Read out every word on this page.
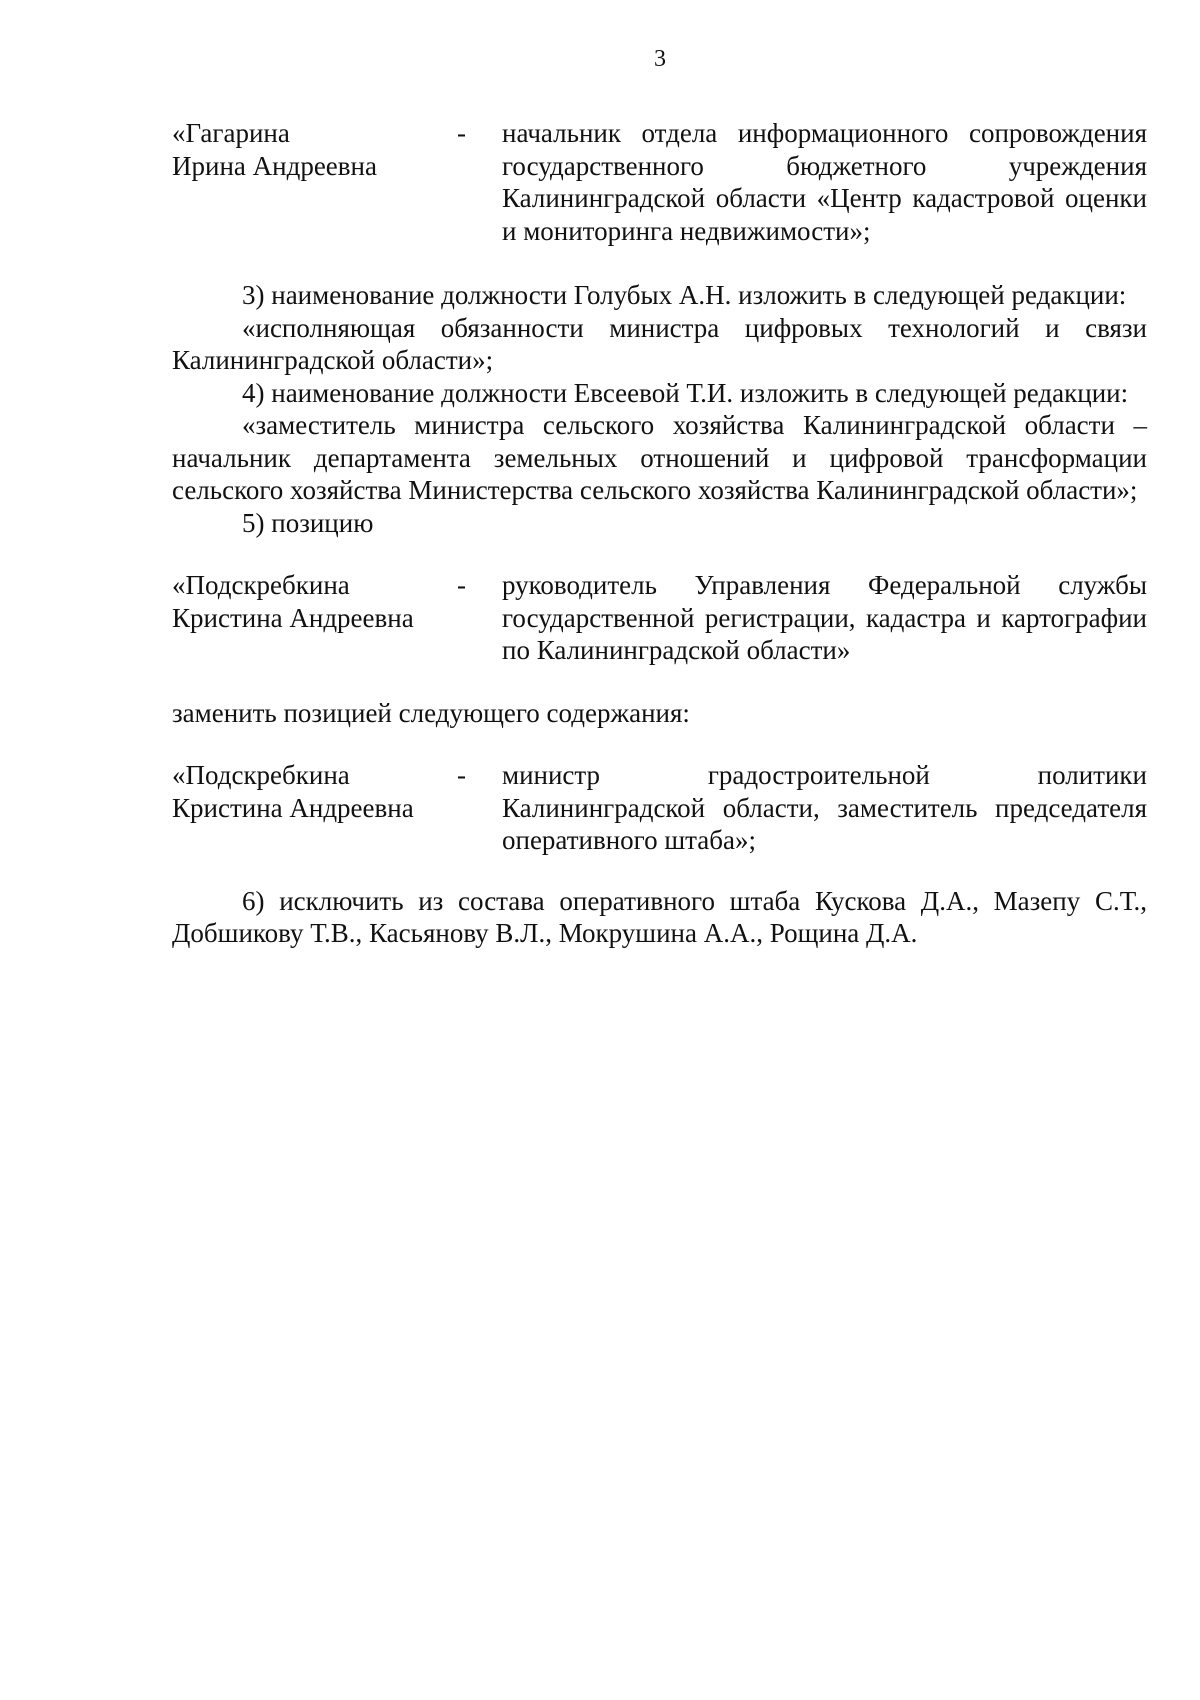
3
«Гагарина
Ирина Андреевна
-	начальник отдела информационного сопровождения государственного бюджетного учреждения Калининградской области «Центр кадастровой оценки и мониторинга недвижимости»;
3) наименование должности Голубых А.Н. изложить в следующей редакции:
«исполняющая обязанности министра цифровых технологий и связи Калининградской области»;
4) наименование должности Евсеевой Т.И. изложить в следующей редакции:
«заместитель министра сельского хозяйства Калининградской области – начальник департамента земельных отношений и цифровой трансформации сельского хозяйства Министерства сельского хозяйства Калининградской области»;
5) позицию
«Подскребкина
Кристина Андреевна
-	руководитель Управления Федеральной службы государственной регистрации, кадастра и картографии по Калининградской области»
заменить позицией следующего содержания:
«Подскребкина
Кристина Андреевна
-	министр градостроительной политики Калининградской области, заместитель председателя оперативного штаба»;
6) исключить из состава оперативного штаба Кускова Д.А., Мазепу С.Т., Добшикову Т.В., Касьянову В.Л., Мокрушина А.А., Рощина Д.А.
